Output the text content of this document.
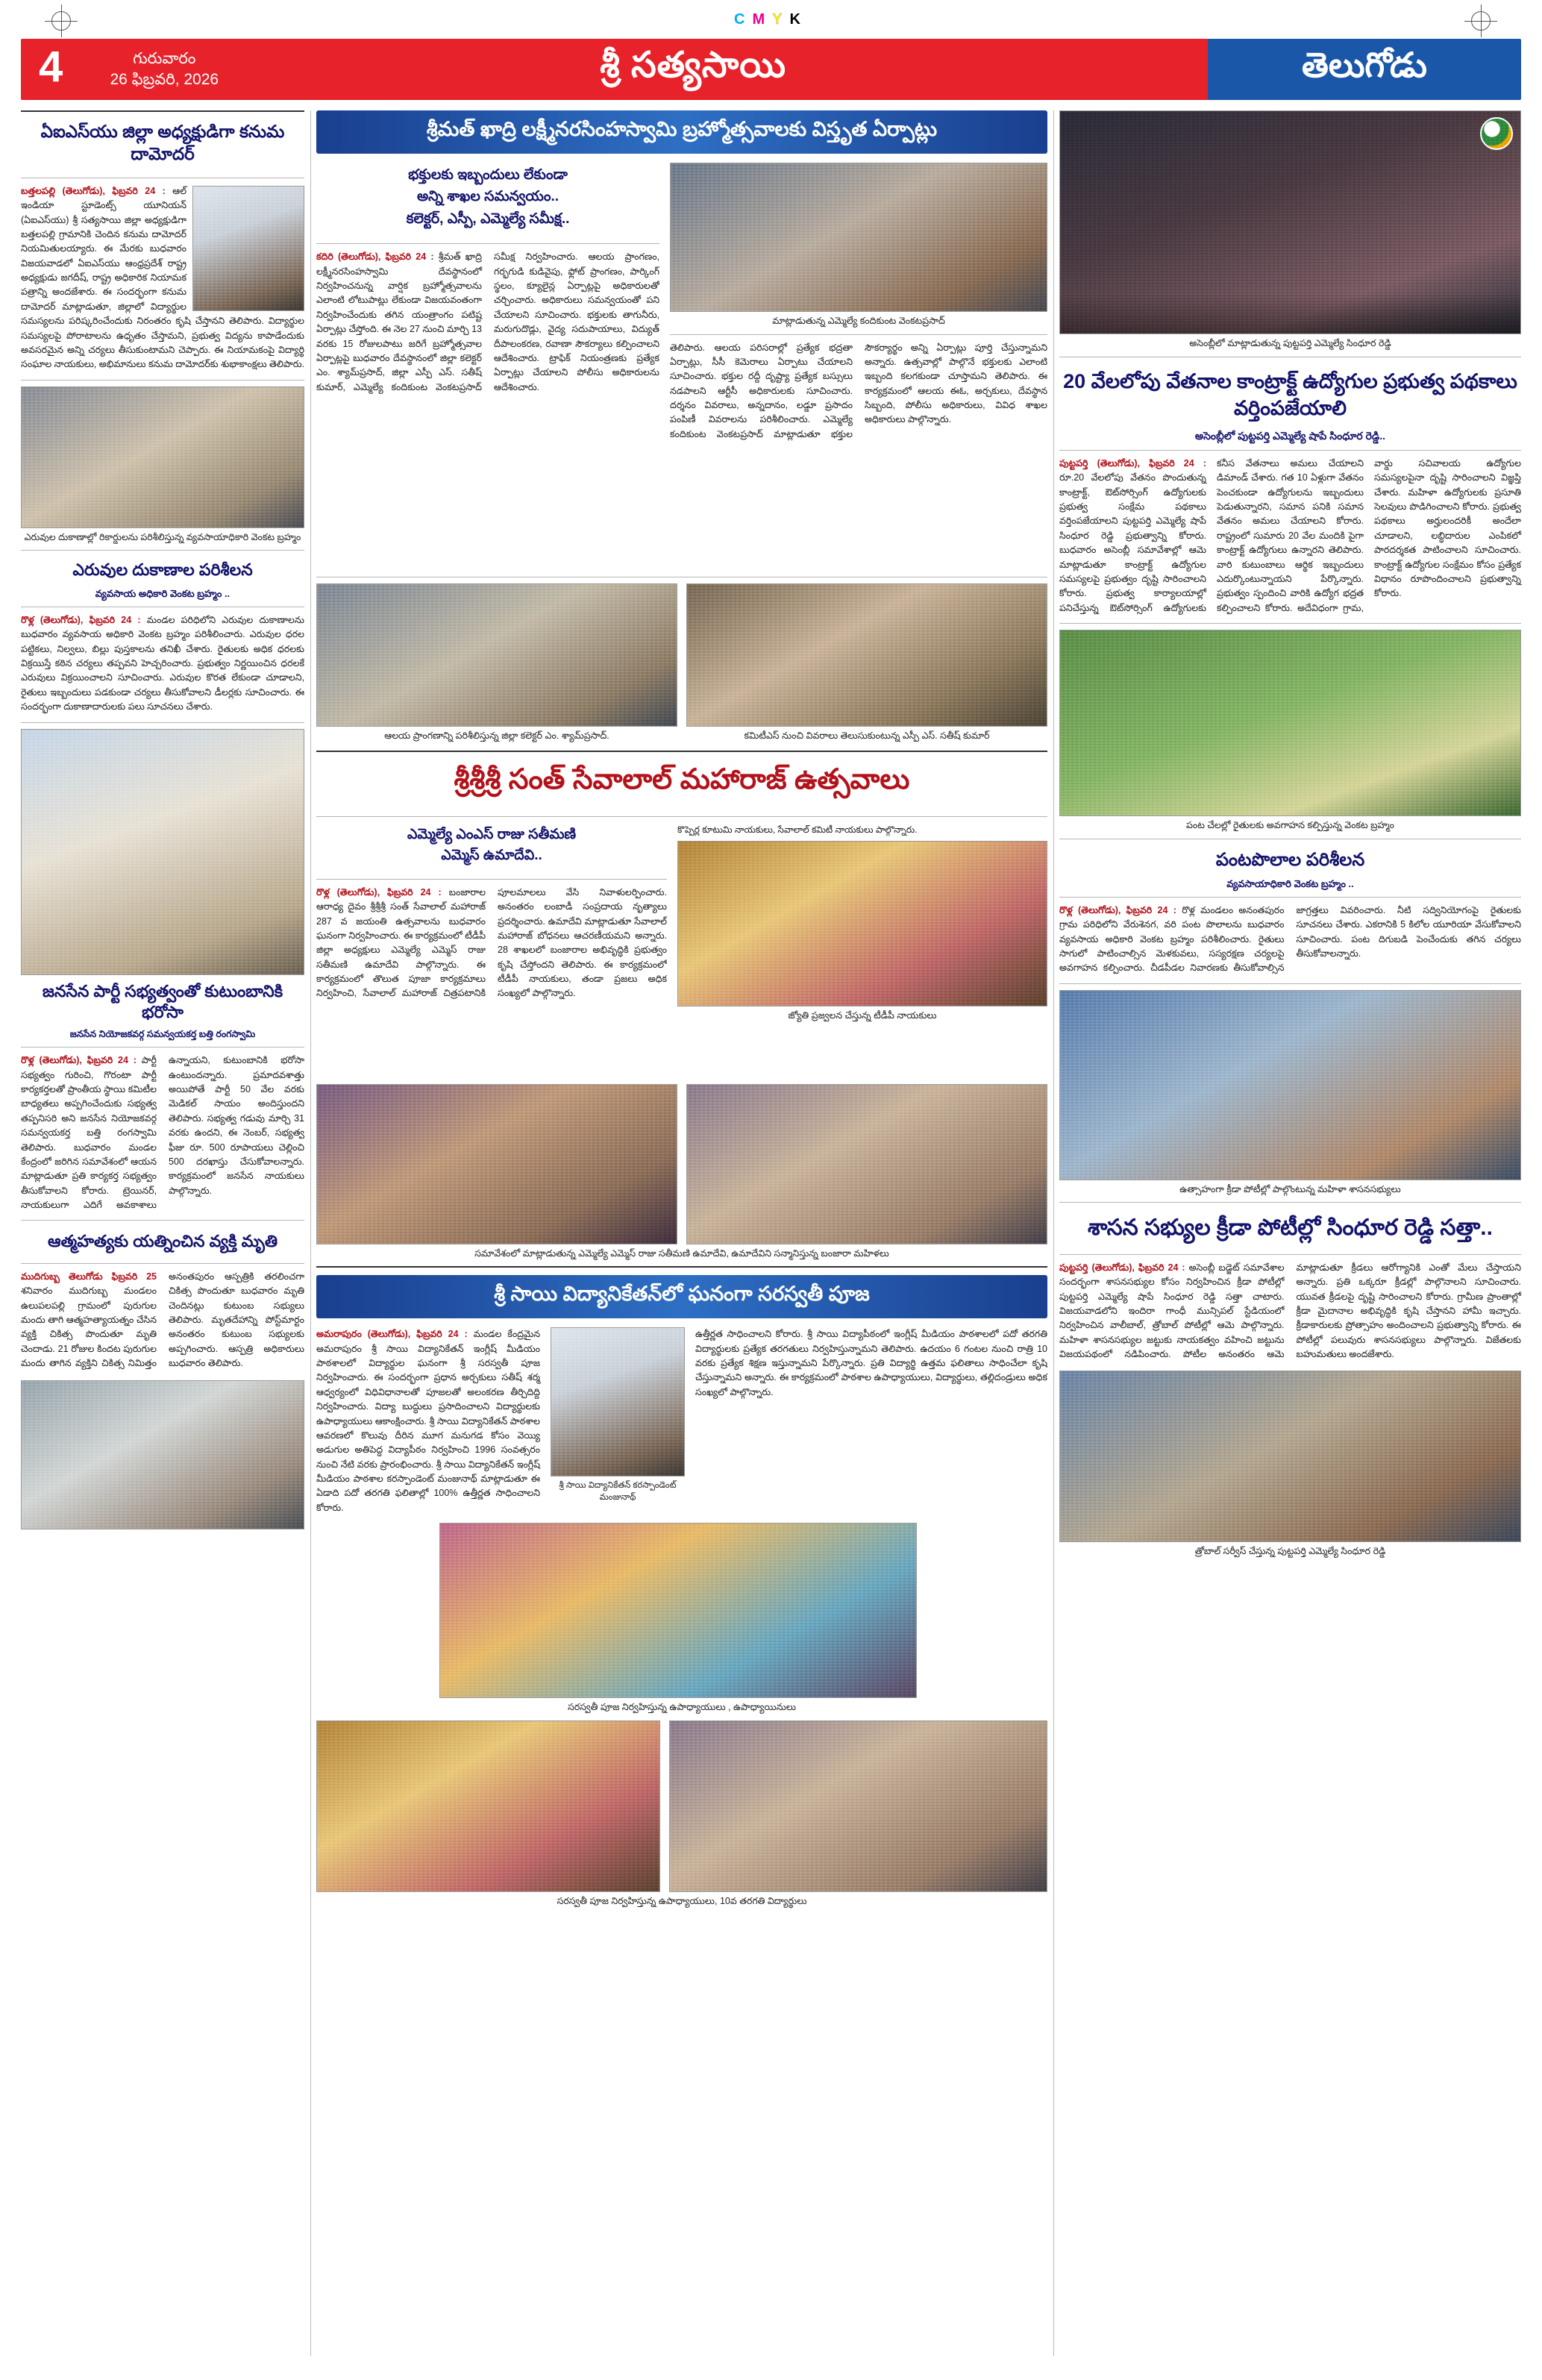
CMYK
4	గురువారం
26 ఫిబ్రవరి, 2026	శ్రీ సత్యసాయి	తెలుగోడు
ఏఐఎస్‌యు జిల్లా అధ్యక్షుడిగా కనుమ దామోదర్
బత్తలపల్లి (తెలుగోడు), ఫిబ్రవరి 24 : ఆల్ ఇండియా స్టూడెంట్స్ యూనియన్ (ఏఐఎస్‌యు) శ్రీ సత్యసాయి జిల్లా అధ్యక్షుడిగా బత్తలపల్లి గ్రామానికి చెందిన కనుమ దామోదర్ నియమితులయ్యారు. ఈ మేరకు బుధవారం విజయవాడలో ఏఐఎస్‌యు ఆంధ్రప్రదేశ్ రాష్ట్ర అధ్యక్షుడు జగదీష్, రాష్ట్ర అధికారిక నియామక పత్రాన్ని అందజేశారు. ఈ సందర్భంగా కనుమ దామోదర్ మాట్లాడుతూ, జిల్లాలో విద్యార్థుల సమస్యలను పరిష్కరించేందుకు నిరంతరం కృషి చేస్తానని తెలిపారు. విద్యార్థుల సమస్యలపై పోరాటాలను ఉధృతం చేస్తామని, ప్రభుత్వ విద్యను కాపాడేందుకు అవసరమైన అన్ని చర్యలు తీసుకుంటామని చెప్పారు. ఈ నియామకంపై విద్యార్థి సంఘాల నాయకులు, అభిమానులు కనుమ దామోదర్‌కు శుభాకాంక్షలు తెలిపారు.
ఎరువుల దుకాణాల్లో రికార్డులను పరిశీలిస్తున్న వ్యవసాయాధికారి వెంకట బ్రహ్మం
ఎరువుల దుకాణాల పరిశీలన
వ్యవసాయ అధికారి వెంకట బ్రహ్మం ..
రొళ్ల (తెలుగోడు), ఫిబ్రవరి 24 : మండల పరిధిలోని ఎరువుల దుకాణాలను బుధవారం వ్యవసాయ అధికారి వెంకట బ్రహ్మం పరిశీలించారు. ఎరువుల ధరల పట్టికలు, నిల్వలు, బిల్లు పుస్తకాలను తనిఖీ చేశారు. రైతులకు అధిక ధరలకు విక్రయిస్తే కఠిన చర్యలు తప్పవని హెచ్చరించారు. ప్రభుత్వం నిర్ణయించిన ధరలకే ఎరువులు విక్రయించాలని సూచించారు. ఎరువుల కొరత లేకుండా చూడాలని, రైతులు ఇబ్బందులు పడకుండా చర్యలు తీసుకోవాలని డీలర్లకు సూచించారు. ఈ సందర్భంగా దుకాణాదారులకు పలు సూచనలు చేశారు.
జనసేన పార్టీ సభ్యత్వంతో కుటుంబానికి భరోసా
జనసేన నియోజకవర్గ సమన్వయకర్త బత్తి రంగస్వామి
రొళ్ల (తెలుగోడు), ఫిబ్రవరి 24 : పార్టీ సభ్యత్వం గురించి, గొరంటా పార్టీ కార్యకర్తలతో ప్రాంతీయ స్థాయి కమిటీల బాధ్యతలు అప్పగించేందుకు సభ్యత్వ తప్పనిసరి అని జనసేన నియోజకవర్గ సమన్వయకర్త బత్తి రంగస్వామి తెలిపారు. బుధవారం మండల కేంద్రంలో జరిగిన సమావేశంలో ఆయన మాట్లాడుతూ ప్రతి కార్యకర్త సభ్యత్వం తీసుకోవాలని కోరారు. ట్రెయినర్, నాయకులుగా ఎదిగే అవకాశాలు ఉన్నాయని, కుటుంబానికి భరోసా ఉంటుందన్నారు. ప్రమాదవశాత్తు అయిపోతే పార్టీ 50 వేల వరకు మెడికల్ సాయం అందిస్తుందని తెలిపారు. సభ్యత్వ గడువు మార్చి 31 వరకు ఉందని, ఈ నెంబర్, సభ్యత్వ ఫీజు రూ. 500 రూపాయలు చెల్లించి 500 దరఖాస్తు చేసుకోవాలన్నారు. కార్యక్రమంలో జనసేన నాయకులు పాల్గొన్నారు.
ఆత్మహత్యకు యత్నించిన వ్యక్తి మృతి
ముదిగుబ్బ తెలుగోడు ఫిబ్రవరి 25 శనివారం ముదిగుబ్బ మండలం ఉలుపలపల్లి గ్రామంలో పురుగుల మందు తాగి ఆత్మహత్యాయత్నం చేసిన వ్యక్తి చికిత్స పొందుతూ మృతి చెందాడు. 21 రోజుల కిందట పురుగుల మందు తాగిన వ్యక్తిని చికిత్స నిమిత్తం అనంతపురం ఆస్పత్రికి తరలించగా చికిత్స పొందుతూ బుధవారం మృతి చెందినట్లు కుటుంబ సభ్యులు తెలిపారు. మృతదేహాన్ని పోస్ట్‌మార్టం అనంతరం కుటుంబ సభ్యులకు అప్పగించారు. ఆస్పత్రి అధికారులు బుధవారం తెలిపారు.
శ్రీమత్ ఖాద్రి లక్ష్మీనరసింహస్వామి బ్రహ్మోత్సవాలకు విస్తృత ఏర్పాట్లు
భక్తులకు ఇబ్బందులు లేకుండా
అన్ని శాఖల సమన్వయం..
కలెక్టర్, ఎస్పీ, ఎమ్మెల్యే సమీక్ష..
కదిరి (తెలుగోడు), ఫిబ్రవరి 24 : శ్రీమత్ ఖాద్రి లక్ష్మీనరసింహస్వామి దేవస్థానంలో నిర్వహించనున్న వార్షిక బ్రహ్మోత్సవాలను ఎలాంటి లోటుపాట్లు లేకుండా విజయవంతంగా నిర్వహించేందుకు తగిన యంత్రాంగం పటిష్ట ఏర్పాట్లు చేస్తోంది. ఈ నెల 27 నుంచి మార్చి 13 వరకు 15 రోజులపాటు జరిగే బ్రహ్మోత్సవాల ఏర్పాట్లపై బుధవారం దేవస్థానంలో జిల్లా కలెక్టర్ ఎం. శ్యామ్‌ప్రసాద్, జిల్లా ఎస్పీ ఎస్. సతీష్ కుమార్, ఎమ్మెల్యే కందికుంట వెంకటప్రసాద్ సమీక్ష నిర్వహించారు. ఆలయ ప్రాంగణం, గర్భగుడి కుడివైపు, ఫ్లోట్ ప్రాంగణం, పార్కింగ్ స్థలం, క్యూలైన్ల ఏర్పాట్లపై అధికారులతో చర్చించారు. అధికారులు సమన్వయంతో పని చేయాలని సూచించారు. భక్తులకు తాగునీరు, మరుగుదొడ్లు, వైద్య సదుపాయాలు, విద్యుత్ దీపాలంకరణ, రవాణా సౌకర్యాలు కల్పించాలని ఆదేశించారు. ట్రాఫిక్ నియంత్రణకు ప్రత్యేక ఏర్పాట్లు చేయాలని పోలీసు అధికారులను ఆదేశించారు.
మాట్లాడుతున్న ఎమ్మెల్యే కందికుంట వెంకటప్రసాద్
తెలిపారు. ఆలయ పరిసరాల్లో ప్రత్యేక భద్రతా ఏర్పాట్లు, సీసీ కెమెరాలు ఏర్పాటు చేయాలని సూచించారు. భక్తుల రద్దీ దృష్ట్యా ప్రత్యేక బస్సులు నడపాలని ఆర్టీసీ అధికారులకు సూచించారు. దర్శనం వివరాలు, అన్నదానం, లడ్డూ ప్రసాదం పంపిణీ వివరాలను పరిశీలించారు. ఎమ్మెల్యే కందికుంట వెంకటప్రసాద్ మాట్లాడుతూ భక్తుల సౌకర్యార్థం అన్ని ఏర్పాట్లు పూర్తి చేస్తున్నామని అన్నారు. ఉత్సవాల్లో పాల్గొనే భక్తులకు ఎలాంటి ఇబ్బంది కలగకుండా చూస్తామని తెలిపారు. ఈ కార్యక్రమంలో ఆలయ ఈఓ, అర్చకులు, దేవస్థాన సిబ్బంది, పోలీసు అధికారులు, వివిధ శాఖల అధికారులు పాల్గొన్నారు.
ఆలయ ప్రాంగణాన్ని పరిశీలిస్తున్న జిల్లా కలెక్టర్ ఎం. శ్యామ్‌ప్రసాద్.	కమిటీఎస్ నుంచి వివరాలు తెలుసుకుంటున్న ఎస్పీ ఎస్. సతీష్ కుమార్
శ్రీశ్రీశ్రీ సంత్ సేవాలాల్ మహారాజ్ ఉత్సవాలు
ఎమ్మెల్యే ఎంఎస్ రాజు సతీమణి
ఎమ్మెస్ ఉమాదేవి..
రొళ్ల (తెలుగోడు), ఫిబ్రవరి 24 : బంజారాల ఆరాధ్య దైవం శ్రీశ్రీశ్రీ సంత్ సేవాలాల్ మహారాజ్ 287 వ జయంతి ఉత్సవాలను బుధవారం ఘనంగా నిర్వహించారు. ఈ కార్యక్రమంలో టీడీపీ జిల్లా అధ్యక్షులు ఎమ్మెల్యే ఎమ్మెస్ రాజు సతీమణి ఉమాదేవి పాల్గొన్నారు. ఈ కార్యక్రమంలో తొలుత పూజా కార్యక్రమాలు నిర్వహించి, సేవాలాల్ మహారాజ్ చిత్రపటానికి పూలమాలలు వేసి నివాళులర్పించారు. అనంతరం లంబాడీ సంప్రదాయ నృత్యాలు ప్రదర్శించారు. ఉమాదేవి మాట్లాడుతూ సేవాలాల్ మహారాజ్ బోధనలు ఆచరణీయమని అన్నారు. 28 శాఖలలో బంజారాల అభివృద్ధికి ప్రభుత్వం కృషి చేస్తోందని తెలిపారు. ఈ కార్యక్రమంలో టీడీపీ నాయకులు, తండా ప్రజలు అధిక సంఖ్యలో పాల్గొన్నారు.
కొప్పెర్ల కూటుమి నాయకులు, సేవాలాల్ కమిటీ నాయకులు పాల్గొన్నారు.
జ్యోతి ప్రజ్వలన చేస్తున్న టీడీపీ నాయకులు
సమావేశంలో మాట్లాడుతున్న ఎమ్మెల్యే ఎమ్మెస్ రాజు సతీమణి ఉమాదేవి, ఉమాదేవిని సన్మానిస్తున్న బంజారా మహిళలు
శ్రీ సాయి విద్యానికేతన్‌లో ఘనంగా సరస్వతీ పూజ
అమరాపురం (తెలుగోడు), ఫిబ్రవరి 24 : మండల కేంద్రమైన అమరాపురం శ్రీ సాయి విద్యానికేతన్ ఇంగ్లీష్ మీడియం పాఠశాలలో విద్యార్థుల ఘనంగా శ్రీ సరస్వతీ పూజ నిర్వహించారు. ఈ సందర్భంగా ప్రధాన అర్చకులు సతీష్ శర్మ ఆధ్వర్యంలో విధివిధానాలతో పూజలతో అలంకరణ తీర్చిదిద్ది నిర్వహించారు. విద్యా బుద్ధులు ప్రసాదించాలని విద్యార్థులకు ఉపాధ్యాయులు ఆకాంక్షించారు. శ్రీ సాయి విద్యానికేతన్ పాఠశాల ఆవరణలో కొలువు దీరిన మూగ మనుగడ కోసం వెయ్యి అడుగుల అతిపెద్ద విద్యాపీఠం నిర్వహించి 1996 సంవత్సరం నుంచి నేటి వరకు ప్రారంభించారు. శ్రీ సాయి విద్యానికేతన్ ఇంగ్లీష్ మీడియం పాఠశాల కరస్పాండెంట్ మంజునాథ్ మాట్లాడుతూ ఈ ఏడాది పదో తరగతి ఫలితాల్లో 100% ఉత్తీర్ణత సాధించాలని కోరారు.
శ్రీ సాయి విద్యానికేతన్ కరస్పాండెంట్ మంజునాథ్
ఉత్తీర్ణత సాధించాలని కోరారు. శ్రీ సాయి విద్యాపీఠంలో ఇంగ్లీష్ మీడియం పాఠశాలలో పదో తరగతి విద్యార్థులకు ప్రత్యేక తరగతులు నిర్వహిస్తున్నామని తెలిపారు. ఉదయం 6 గంటల నుంచి రాత్రి 10 వరకు ప్రత్యేక శిక్షణ ఇస్తున్నామని పేర్కొన్నారు. ప్రతి విద్యార్థి ఉత్తమ ఫలితాలు సాధించేలా కృషి చేస్తున్నామని అన్నారు. ఈ కార్యక్రమంలో పాఠశాల ఉపాధ్యాయులు, విద్యార్థులు, తల్లిదండ్రులు అధిక సంఖ్యలో పాల్గొన్నారు.
సరస్వతీ పూజ నిర్వహిస్తున్న ఉపాధ్యాయులు , ఉపాధ్యాయినులు
సరస్వతీ పూజ నిర్వహిస్తున్న ఉపాధ్యాయులు, 10వ తరగతి విద్యార్థులు
అసెంబ్లీలో మాట్లాడుతున్న పుట్టపర్తి ఎమ్మెల్యే సింధూర రెడ్డి
20 వేలలోపు వేతనాల కాంట్రాక్ట్ ఉద్యోగుల ప్రభుత్వ పథకాలు వర్తింపజేయాలి
అసెంబ్లీలో పుట్టపర్తి ఎమ్మెల్యే షాపే సింధూర రెడ్డి..
పుట్టపర్తి (తెలుగోడు), ఫిబ్రవరి 24 : రూ.20 వేలలోపు వేతనం పొందుతున్న కాంట్రాక్ట్, ఔట్‌సోర్సింగ్ ఉద్యోగులకు ప్రభుత్వ సంక్షేమ పథకాలు వర్తింపజేయాలని పుట్టపర్తి ఎమ్మెల్యే షాపే సింధూర రెడ్డి ప్రభుత్వాన్ని కోరారు. బుధవారం అసెంబ్లీ సమావేశాల్లో ఆమె మాట్లాడుతూ కాంట్రాక్ట్ ఉద్యోగుల సమస్యలపై ప్రభుత్వం దృష్టి సారించాలని కోరారు. ప్రభుత్వ కార్యాలయాల్లో పనిచేస్తున్న ఔట్‌సోర్సింగ్ ఉద్యోగులకు కనీస వేతనాలు అమలు చేయాలని డిమాండ్ చేశారు. గత 10 ఏళ్లుగా వేతనం పెంచకుండా ఉద్యోగులను ఇబ్బందులు పెడుతున్నారని, సమాన పనికి సమాన వేతనం అమలు చేయాలని కోరారు. రాష్ట్రంలో సుమారు 20 వేల మందికి పైగా కాంట్రాక్ట్ ఉద్యోగులు ఉన్నారని తెలిపారు. వారి కుటుంబాలు ఆర్థిక ఇబ్బందులు ఎదుర్కొంటున్నాయని పేర్కొన్నారు. ప్రభుత్వం స్పందించి వారికి ఉద్యోగ భద్రత కల్పించాలని కోరారు. అదేవిధంగా గ్రామ, వార్డు సచివాలయ ఉద్యోగుల సమస్యలపైనా దృష్టి సారించాలని విజ్ఞప్తి చేశారు. మహిళా ఉద్యోగులకు ప్రసూతి సెలవులు పొడిగించాలని కోరారు. ప్రభుత్వ పథకాలు అర్హులందరికీ అందేలా చూడాలని, లబ్ధిదారుల ఎంపికలో పారదర్శకత పాటించాలని సూచించారు. కాంట్రాక్ట్ ఉద్యోగుల సంక్షేమం కోసం ప్రత్యేక విధానం రూపొందించాలని ప్రభుత్వాన్ని కోరారు.
పంట చేలల్లో రైతులకు అవగాహన కల్పిస్తున్న వెంకట బ్రహ్మం
పంటపొలాల పరిశీలన
వ్యవసాయాధికారి వెంకట బ్రహ్మం ..
రొళ్ల (తెలుగోడు), ఫిబ్రవరి 24 : రొళ్ల మండలం అనంతపురం గ్రామ పరిధిలోని వేరుశెనగ, వరి పంట పొలాలను బుధవారం వ్యవసాయ అధికారి వెంకట బ్రహ్మం పరిశీలించారు. రైతులు సాగులో పాటించాల్సిన మెళకువలు, సస్యరక్షణ చర్యలపై అవగాహన కల్పించారు. చీడపీడల నివారణకు తీసుకోవాల్సిన జాగ్రత్తలు వివరించారు. నీటి సద్వినియోగంపై రైతులకు సూచనలు చేశారు. ఎకరానికి 5 కిలోల యూరియా వేసుకోవాలని సూచించారు. పంట దిగుబడి పెంచేందుకు తగిన చర్యలు తీసుకోవాలన్నారు.
ఉత్సాహంగా క్రీడా పోటీల్లో పాల్గొంటున్న మహిళా శాసనసభ్యులు
శాసన సభ్యుల క్రీడా పోటీల్లో సింధూర రెడ్డి సత్తా..
పుట్టపర్తి (తెలుగోడు), ఫిబ్రవరి 24 : అసెంబ్లీ బడ్జెట్ సమావేశాల సందర్భంగా శాసనసభ్యుల కోసం నిర్వహించిన క్రీడా పోటీల్లో పుట్టపర్తి ఎమ్మెల్యే షాపే సింధూర రెడ్డి సత్తా చాటారు. విజయవాడలోని ఇందిరా గాంధీ మున్సిపల్ స్టేడియంలో నిర్వహించిన వాలీబాల్, త్రోబాల్ పోటీల్లో ఆమె పాల్గొన్నారు. మహిళా శాసనసభ్యుల జట్టుకు నాయకత్వం వహించి జట్టును విజయపథంలో నడిపించారు. పోటీల అనంతరం ఆమె మాట్లాడుతూ క్రీడలు ఆరోగ్యానికి ఎంతో మేలు చేస్తాయని అన్నారు. ప్రతి ఒక్కరూ క్రీడల్లో పాల్గొనాలని సూచించారు. యువత క్రీడలపై దృష్టి సారించాలని కోరారు. గ్రామీణ ప్రాంతాల్లో క్రీడా మైదానాల అభివృద్ధికి కృషి చేస్తానని హామీ ఇచ్చారు. క్రీడాకారులకు ప్రోత్సాహం అందించాలని ప్రభుత్వాన్ని కోరారు. ఈ పోటీల్లో పలువురు శాసనసభ్యులు పాల్గొన్నారు. విజేతలకు బహుమతులు అందజేశారు.
త్రోబాల్ సర్వీస్ చేస్తున్న పుట్టపర్తి ఎమ్మెల్యే సింధూర రెడ్డి
